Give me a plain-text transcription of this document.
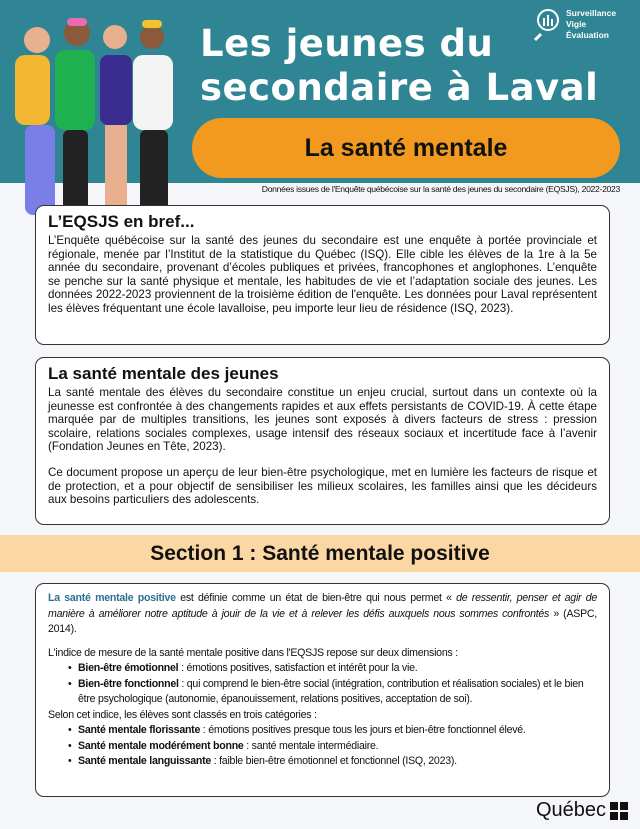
Les jeunes du
secondaire à Laval
Surveillance
Vigie
Évaluation
La santé mentale
Données issues de l'Enquête québécoise sur la santé des jeunes du secondaire (EQSJS), 2022-2023
L’EQSJS en bref...

L’Enquête québécoise sur la santé des jeunes du secondaire est une enquête à portée provinciale et régionale, menée par l’Institut de la statistique du Québec (ISQ). Elle cible les élèves de la 1re à la 5e année du secondaire, provenant d’écoles publiques et privées, francophones et anglophones. L’enquête se penche sur la santé physique et mentale, les habitudes de vie et l’adaptation sociale des jeunes. Les données 2022-2023 proviennent de la troisième édition de l'enquête. Les données pour Laval représentent les élèves fréquentant une école lavalloise, peu importe leur lieu de résidence (ISQ, 2023).

La santé mentale des jeunes

La santé mentale des élèves du secondaire constitue un enjeu crucial, surtout dans un contexte où la jeunesse est confrontée à des changements rapides et aux effets persistants de COVID-19. À cette étape marquée par de multiples transitions, les jeunes sont exposés à divers facteurs de stress : pression scolaire, relations sociales complexes, usage intensif des réseaux sociaux et incertitude face à l’avenir (Fondation Jeunes en Tête, 2023).

Ce document propose un aperçu de leur bien-être psychologique, met en lumière les facteurs de risque et de protection, et a pour objectif de sensibiliser les milieux scolaires, les familles ainsi que les décideurs aux besoins particuliers des adolescents.

Section 1 : Santé mentale positive

La santé mentale positive est définie comme un état de bien-être qui nous permet « de ressentir, penser et agir de manière à améliorer notre aptitude à jouir de la vie et à relever les défis auxquels nous sommes confrontés » (ASPC, 2014).

L'indice de mesure de la santé mentale positive dans l'EQSJS repose sur deux dimensions :

• Bien-être émotionnel : émotions positives, satisfaction et intérêt pour la vie.
• Bien-être fonctionnel : qui comprend le bien-être social (intégration, contribution et réalisation sociales) et le bien être psychologique (autonomie, épanouissement, relations positives, acceptation de soi).

Selon cet indice, les élèves sont classés en trois catégories :

• Santé mentale florissante : émotions positives presque tous les jours et bien-être fonctionnel élevé.
• Santé mentale modérément bonne : santé mentale intermédiaire.
• Santé mentale languissante : faible bien-être émotionnel et fonctionnel (ISQ, 2023).
Québec
